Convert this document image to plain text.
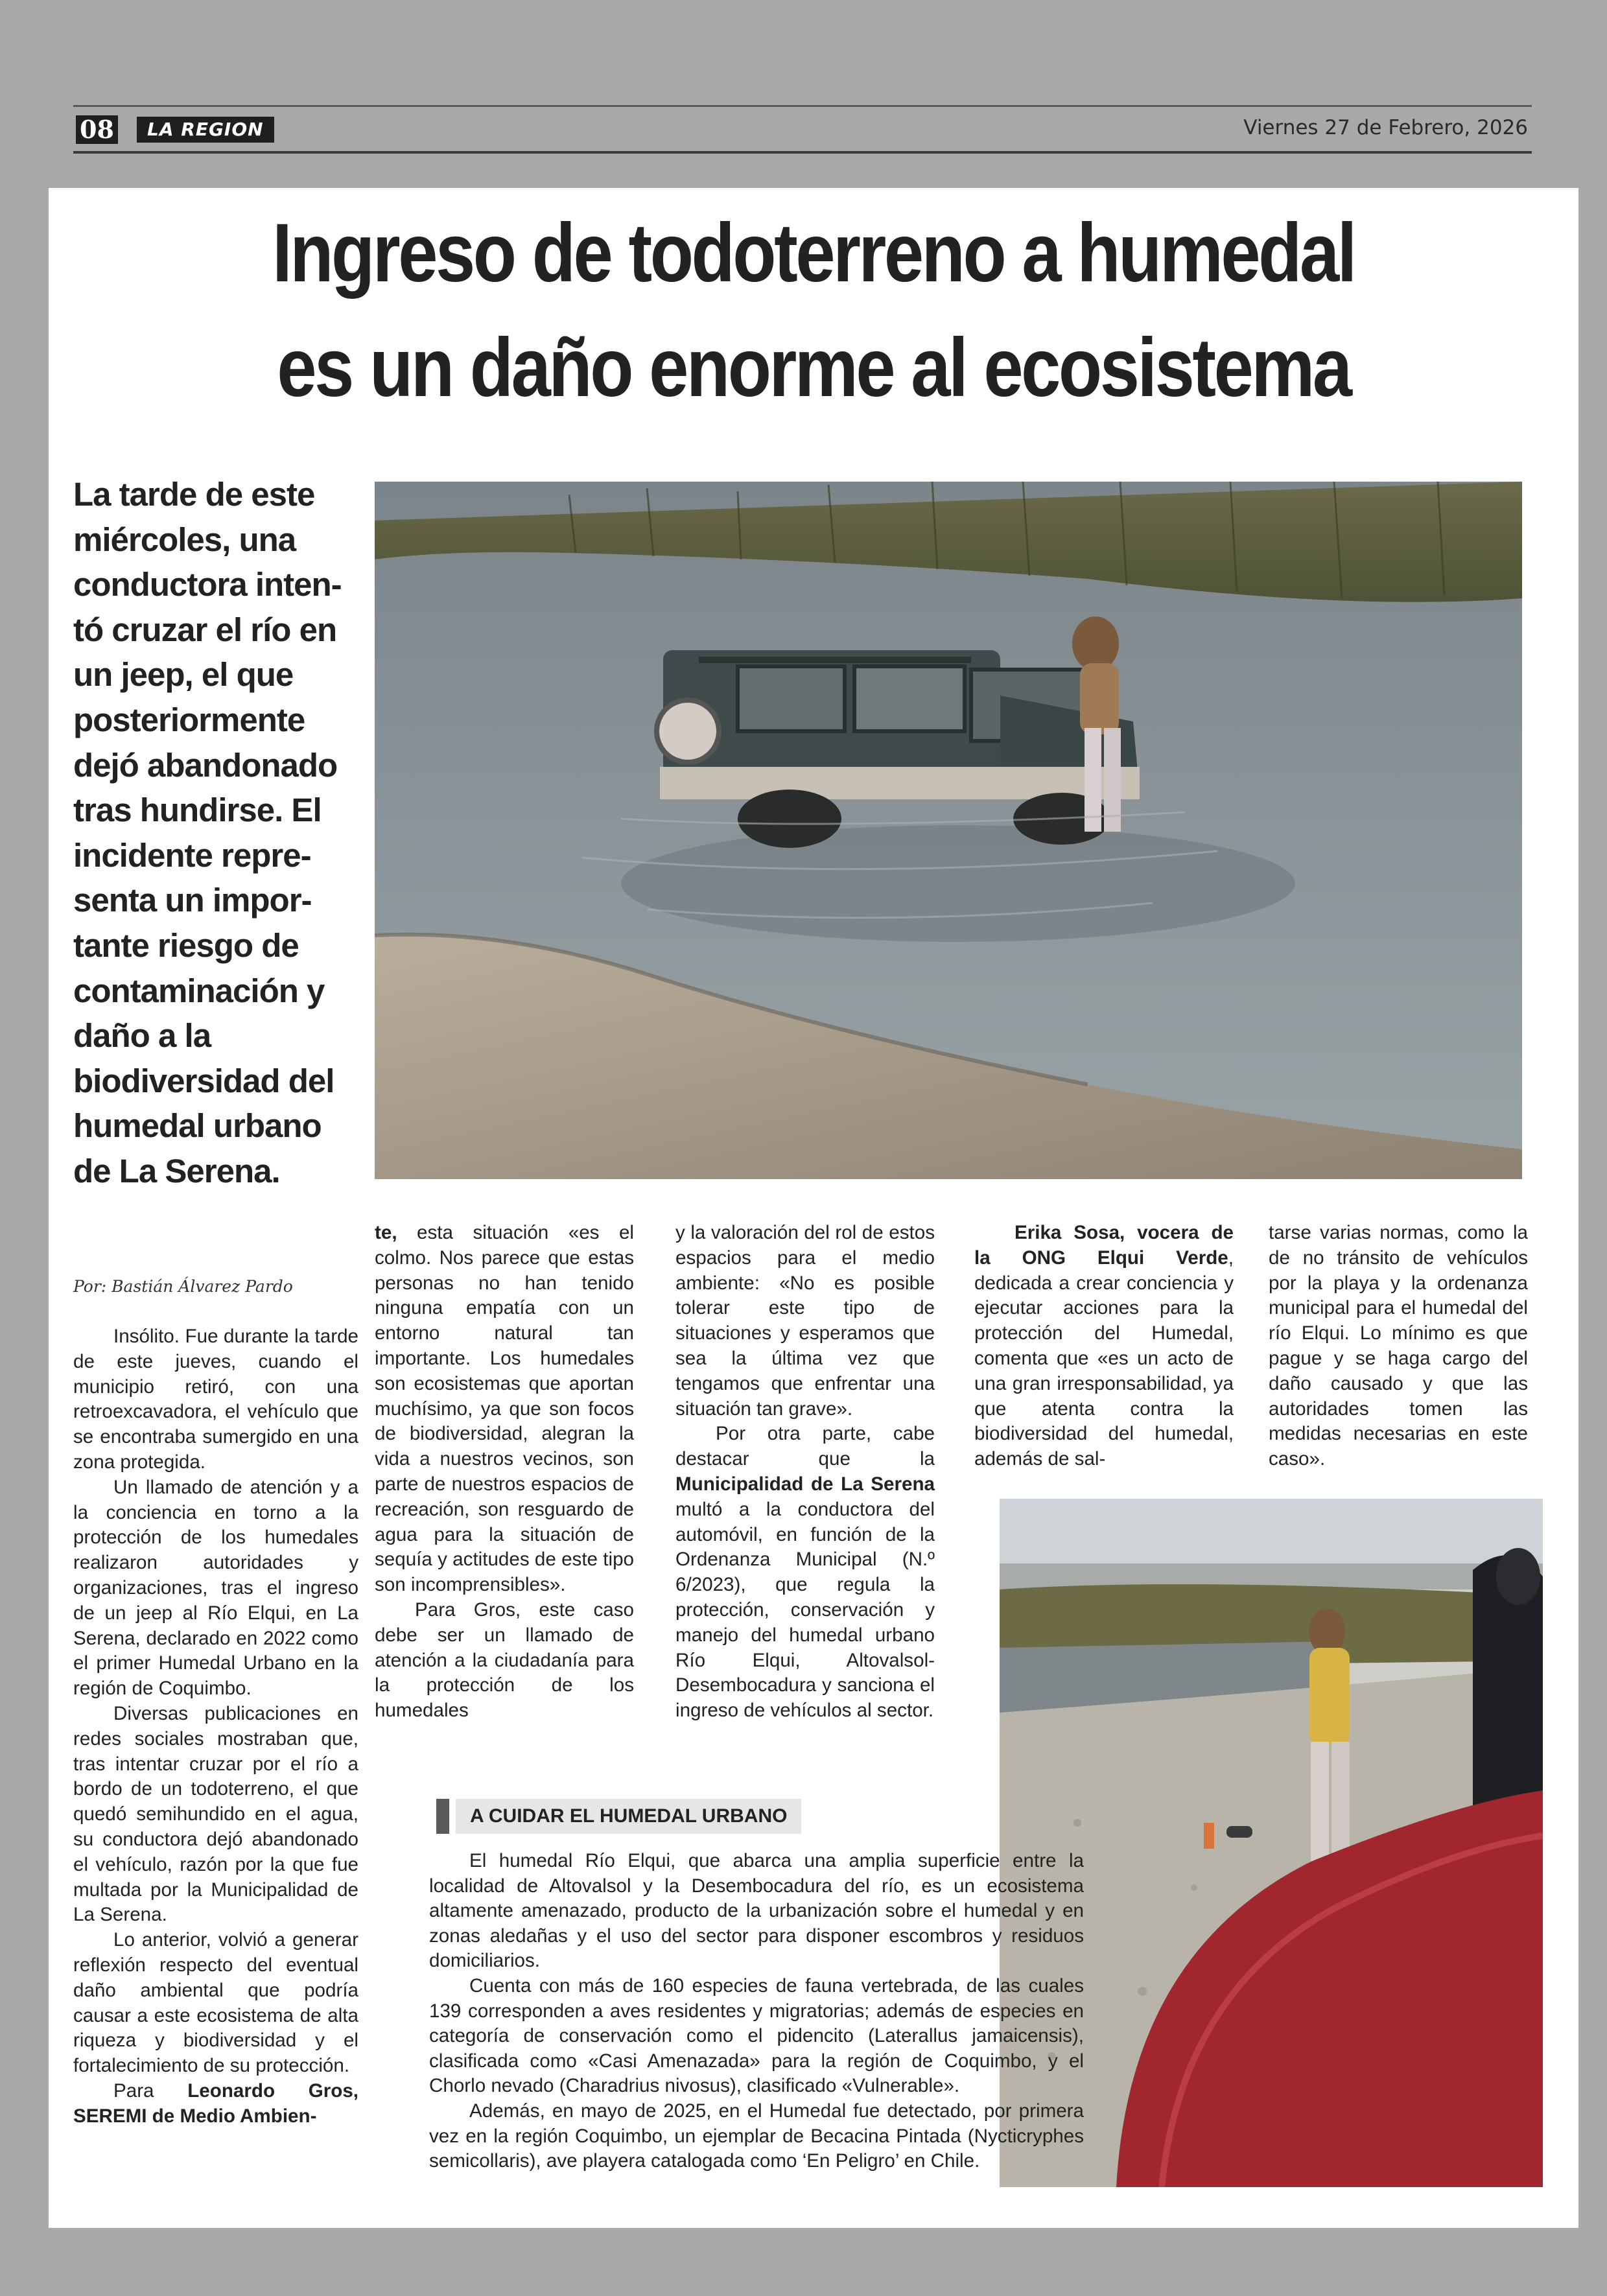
08	LA REGION	Viernes 27 de Febrero, 2026
Ingreso de todoterreno a humedal
es un daño enorme al ecosistema
La tarde de este
miércoles, una
conductora inten-
tó cruzar el río en
un jeep, el que
posteriormente
dejó abandonado
tras hundirse. El
incidente repre-
senta un impor-
tante riesgo de
contaminación y
daño a la
biodiversidad del
humedal urbano
de La Serena.
Por: Bastián Álvarez Pardo

Insólito. Fue durante la tarde de este jueves, cuando el municipio retiró, con una retroexcavadora, el vehículo que se encontraba sumergido en una zona protegida.

Un llamado de atención y a la conciencia en torno a la protección de los humedales realizaron autoridades y organizaciones, tras el ingreso de un jeep al Río Elqui, en La Serena, declarado en 2022 como el primer Humedal Urbano en la región de Coquimbo.

Diversas publicaciones en redes sociales mostraban que, tras intentar cruzar por el río a bordo de un todoterreno, el que quedó semihundido en el agua, su conductora dejó abandonado el vehículo, razón por la que fue multada por la Municipalidad de La Serena.

Lo anterior, volvió a generar reflexión respecto del eventual daño ambiental que podría causar a este ecosistema de alta riqueza y biodiversidad y el fortalecimiento de su protección.

Para Leonardo Gros, SEREMI de Medio Ambien-

te, esta situación «es el colmo. Nos parece que estas personas no han tenido ninguna empatía con un entorno natural tan importante. Los humedales son ecosistemas que aportan muchísimo, ya que son focos de biodiversidad, alegran la vida a nuestros vecinos, son parte de nuestros espacios de recreación, son resguardo de agua para la situación de sequía y actitudes de este tipo son incomprensibles».

Para Gros, este caso debe ser un llamado de atención a la ciudadanía para la protección de los humedales

y la valoración del rol de estos espacios para el medio ambiente: «No es posible tolerar este tipo de situaciones y esperamos que sea la última vez que tengamos que enfrentar una situación tan grave».

Por otra parte, cabe destacar que la Municipalidad de La Serena multó a la conductora del automóvil, en función de la Ordenanza Municipal (N.º 6/2023), que regula la protección, conservación y manejo del humedal urbano Río Elqui, Altovalsol-Desembocadura y sanciona el ingreso de vehículos al sector.

Erika Sosa, vocera de la ONG Elqui Verde, dedicada a crear conciencia y ejecutar acciones para la protección del Humedal, comenta que «es un acto de una gran irresponsabilidad, ya que atenta contra la biodiversidad del humedal, además de sal-

tarse varias normas, como la de no tránsito de vehículos por la playa y la ordenanza municipal para el humedal del río Elqui. Lo mínimo es que pague y se haga cargo del daño causado y que las autoridades tomen las medidas necesarias en este caso».

A CUIDAR EL HUMEDAL URBANO

El humedal Río Elqui, que abarca una amplia superficie entre la localidad de Altovalsol y la Desembocadura del río, es un ecosistema altamente amenazado, producto de la urbanización sobre el humedal y en zonas aledañas y el uso del sector para disponer escombros y residuos domiciliarios.

Cuenta con más de 160 especies de fauna vertebrada, de las cuales 139 corresponden a aves residentes y migratorias; además de especies en categoría de conservación como el pidencito (Laterallus jamaicensis), clasificada como «Casi Amenazada» para la región de Coquimbo, y el Chorlo nevado (Charadrius nivosus), clasificado «Vulnerable».

Además, en mayo de 2025, en el Humedal fue detectado, por primera vez en la región Coquimbo, un ejemplar de Becacina Pintada (Nycticryphes semicollaris), ave playera catalogada como ‘En Peligro’ en Chile.
